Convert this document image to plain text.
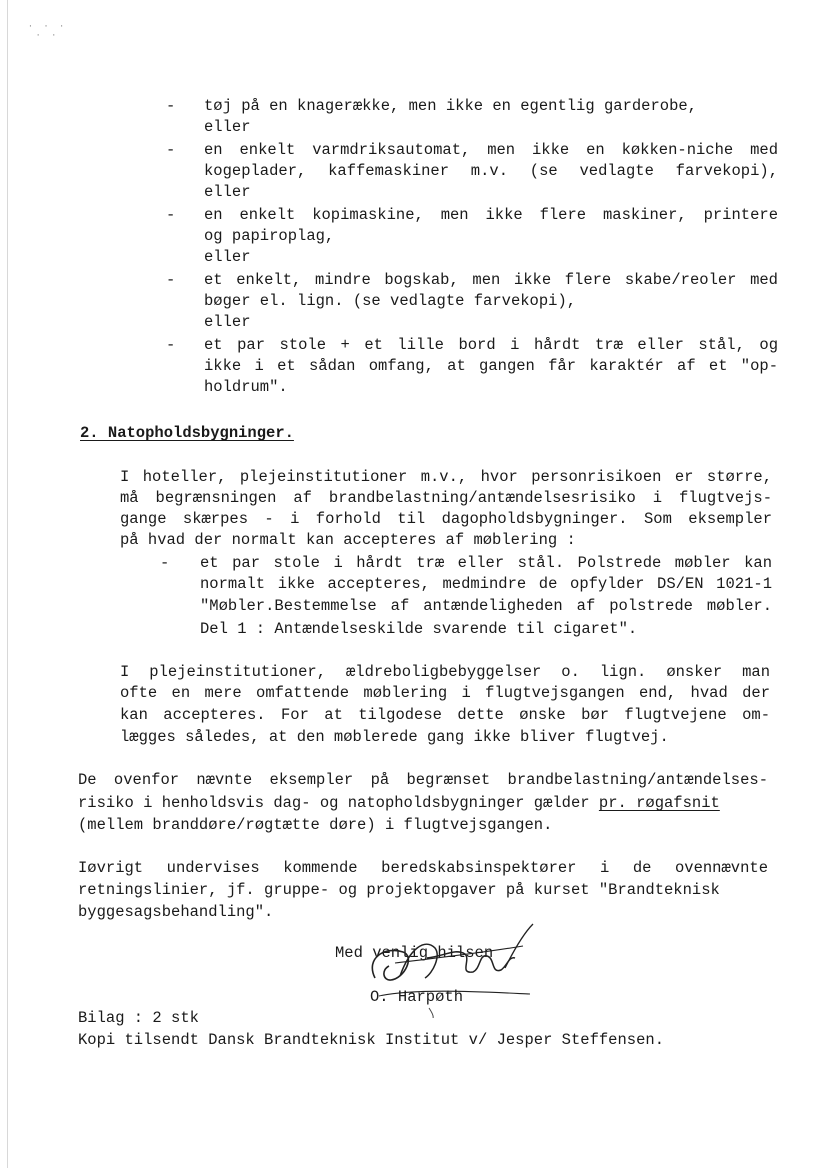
· · ·
· ·
- tøj på en knagerække, men ikke en egentlig garderobe,
eller
- en enkelt varmdriksautomat, men ikke en køkken-niche med
kogeplader, kaffemaskiner m.v. (se vedlagte farvekopi),
eller
- en enkelt kopimaskine, men ikke flere maskiner, printere
og papiroplag,
eller
- et enkelt, mindre bogskab, men ikke flere skabe/reoler med
bøger el. lign. (se vedlagte farvekopi),
eller
- et par stole + et lille bord i hårdt træ eller stål, og
ikke i et sådan omfang, at gangen får karaktér af et "op-
holdrum".
2. Natopholdsbygninger.
I hoteller, plejeinstitutioner m.v., hvor personrisikoen er større,
må begrænsningen af brandbelastning/antændelsesrisiko i flugtvejs-
gange skærpes - i forhold til dagopholdsbygninger. Som eksempler
på hvad der normalt kan accepteres af møblering :
- et par stole i hårdt træ eller stål. Polstrede møbler kan
normalt ikke accepteres, medmindre de opfylder DS/EN 1021-1
"Møbler.Bestemmelse af antændeligheden af polstrede møbler.
Del 1 : Antændelseskilde svarende til cigaret".
I plejeinstitutioner, ældreboligbebyggelser o. lign. ønsker man
ofte en mere omfattende møblering i flugtvejsgangen end, hvad der
kan accepteres. For at tilgodese dette ønske bør flugtvejene om-
lægges således, at den møblerede gang ikke bliver flugtvej.
De ovenfor nævnte eksempler på begrænset brandbelastning/antændelses-
risiko i henholdsvis dag- og natopholdsbygninger gælder pr. røgafsnit
(mellem branddøre/røgtætte døre) i flugtvejsgangen.
Iøvrigt undervises kommende beredskabsinspektører i de ovennævnte
retningslinier, jf. gruppe- og projektopgaver på kurset "Brandteknisk
byggesagsbehandling".
Med venlig hilsen
O. Harpøth
Bilag : 2 stk
Kopi tilsendt Dansk Brandteknisk Institut v/ Jesper Steffensen.
